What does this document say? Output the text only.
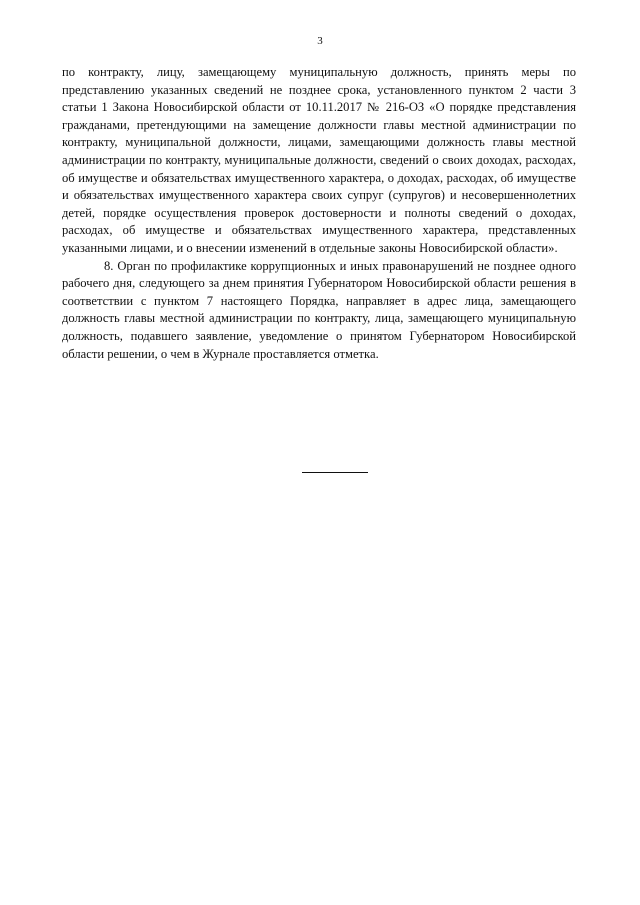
3

по контракту, лицу, замещающему муниципальную должность, принять меры по представлению указанных сведений не позднее срока, установленного пунктом 2 части 3 статьи 1 Закона Новосибирской области от 10.11.2017 № 216-ОЗ «О порядке представления гражданами, претендующими на замещение должности главы местной администрации по контракту, муниципальной должности, лицами, замещающими должность главы местной администрации по контракту, муниципальные должности, сведений о своих доходах, расходах, об имуществе и обязательствах имущественного характера, о доходах, расходах, об имуществе и обязательствах имущественного характера своих супруг (супругов) и несовершеннолетних детей, порядке осуществления проверок достоверности и полноты сведений о доходах, расходах, об имуществе и обязательствах имущественного характера, представленных указанными лицами, и о внесении изменений в отдельные законы Новосибирской области».

8. Орган по профилактике коррупционных и иных правонарушений не позднее одного рабочего дня, следующего за днем принятия Губернатором Новосибирской области решения в соответствии с пунктом 7 настоящего Порядка, направляет в адрес лица, замещающего должность главы местной администрации по контракту, лица, замещающего муниципальную должность, подавшего заявление, уведомление о принятом Губернатором Новосибирской области решении, о чем в Журнале проставляется отметка.
